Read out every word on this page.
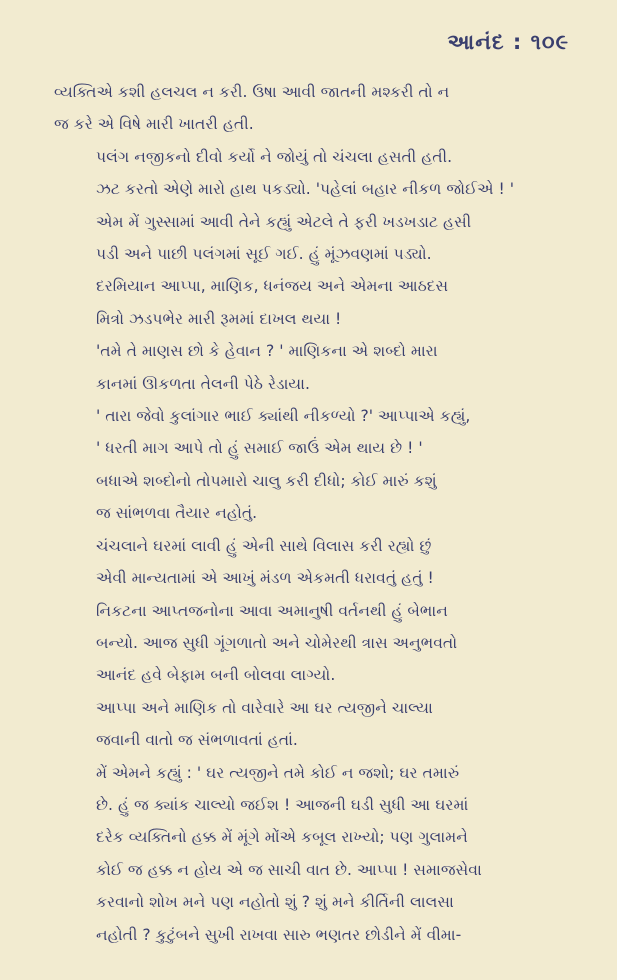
આનંદ : ૧૦૯

વ્યક્તિએ કશી હલચલ ન કરી. ઉષા આવી જાતની મશ્કરી તો ન
જ કરે એ વિષે મારી ખાતરી હતી.

પલંગ નજીકનો દીવો કર્યો ને જોયું તો ચંચલા હસતી હતી.
ઝટ કરતો એણે મારો હાથ પકડ્યો. 'પહેલાં બહાર નીકળ જોઈએ ! '
એમ મેં ગુસ્સામાં આવી તેને કહ્યું એટલે તે ફરી ખડખડાટ હસી
પડી અને પાછી પલંગમાં સૂઈ ગઈ. હું મૂંઝવણમાં પડ્યો.

દરમિયાન આપ્પા, માણિક, ધનંજય અને એમના આઠદસ
મિત્રો ઝડપભેર મારી રૂમમાં દાખલ થયા !

'તમે તે માણસ છો કે હેવાન ? ' માણિકના એ શબ્દો મારા
કાનમાં ઊકળતા તેલની પેઠે રેડાયા.

' તારા જેવો કુલાંગાર ભાઈ ક્યાંથી નીકળ્યો ?' આપ્પાએ કહ્યું,
' ધરતી માગ આપે તો હું સમાઈ જાઉં એમ થાય છે ! '

બધાએ શબ્દોનો તોપમારો ચાલુ કરી દીધો; કોઈ મારું કશું
જ સાંભળવા તૈયાર નહોતું.

ચંચલાને ઘરમાં લાવી હું એની સાથે વિલાસ કરી રહ્યો છું
એવી માન્યતામાં એ આખું મંડળ એકમતી ધરાવતું હતું !

નિકટના આપ્તજનોના આવા અમાનુષી વર્તનથી હું બેભાન
બન્યો. આજ સુધી ગૂંગળાતો અને ચોમેરથી ત્રાસ અનુભવતો
આનંદ હવે બેફામ બની બોલવા લાગ્યો.

આપ્પા અને માણિક તો વારેવારે આ ઘર ત્યજીને ચાલ્યા
જવાની વાતો જ સંભળાવતાં હતાં.

મેં એમને કહ્યું : ' ઘર ત્યજીને તમે કોઈ ન જશો; ઘર તમારું
છે. હું જ ક્યાંક ચાલ્યો જઈશ ! આજની ઘડી સુધી આ ઘરમાં
દરેક વ્યક્તિનો હક્ક મેં મૂંગે મોંએ કબૂલ રાખ્યો; પણ ગુલામને
કોઈ જ હક્ક ન હોય એ જ સાચી વાત છે. આપ્પા ! સમાજસેવા
કરવાનો શોખ મને પણ નહોતો શું ? શું મને કીર્તિની લાલસા
નહોતી ? કુટુંબને સુખી રાખવા સારુ ભણતર છોડીને મેં વીમા-
